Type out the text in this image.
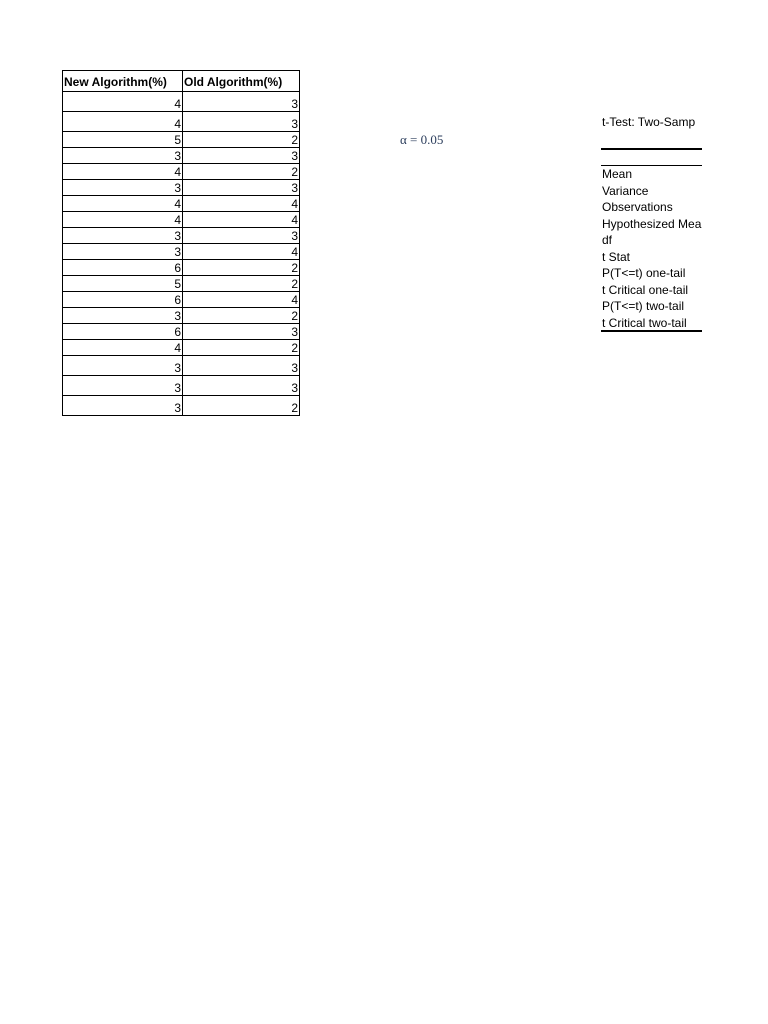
New Algorithm(%)	Old Algorithm(%)
4	3
4	3
5	2
3	3
4	2
3	3
4	4
4	4
3	3
3	4
6	2
5	2
6	4
3	2
6	3
4	2
3	3
3	3
3	2
α = 0.05
t-Test: Two-Samp
Mean
Variance
Observations
Hypothesized Mea
df
t Stat
P(T<=t) one-tail
t Critical one-tail
P(T<=t) two-tail
t Critical two-tail
